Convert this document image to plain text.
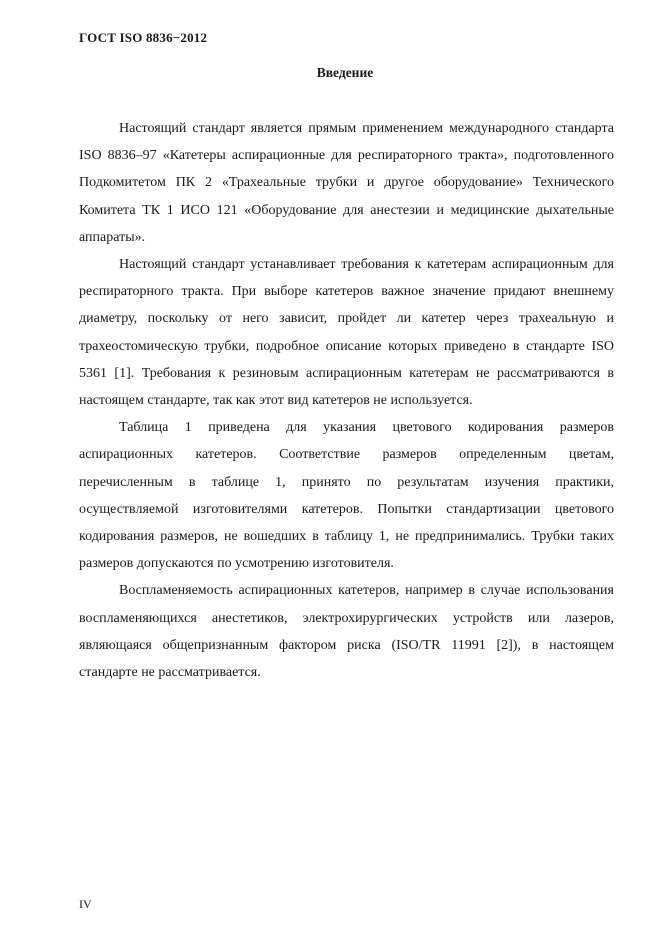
ГОСТ ISO 8836−2012
Введение

Настоящий стандарт является прямым применением международного стандарта ISO 8836–97 «Катетеры аспирационные для респираторного тракта», подготовленного Подкомитетом ПК 2 «Трахеальные трубки и другое оборудование» Технического Комитета ТК 1 ИСО 121 «Оборудование для анестезии и медицинские дыхательные аппараты».

Настоящий стандарт устанавливает требования к катетерам аспирационным для респираторного тракта. При выборе катетеров важное значение придают внешнему диаметру, поскольку от него зависит, пройдет ли катетер через трахеальную и трахеостомическую трубки, подробное описание которых приведено в стандарте ISO 5361 [1]. Требования к резиновым аспирационным катетерам не рассматриваются в настоящем стандарте, так как этот вид катетеров не используется.

Таблица 1 приведена для указания цветового кодирования размеров аспирационных катетеров. Соответствие размеров определенным цветам, перечисленным в таблице 1, принято по результатам изучения практики, осуществляемой изготовителями катетеров. Попытки стандартизации цветового кодирования размеров, не вошедших в таблицу 1, не предпринимались. Трубки таких размеров допускаются по усмотрению изготовителя.

Воспламеняемость аспирационных катетеров, например в случае использования воспламеняющихся анестетиков, электрохирургических устройств или лазеров, являющаяся общепризнанным фактором риска (ISO/TR 11991 [2]), в настоящем стандарте не рассматривается.

IV
